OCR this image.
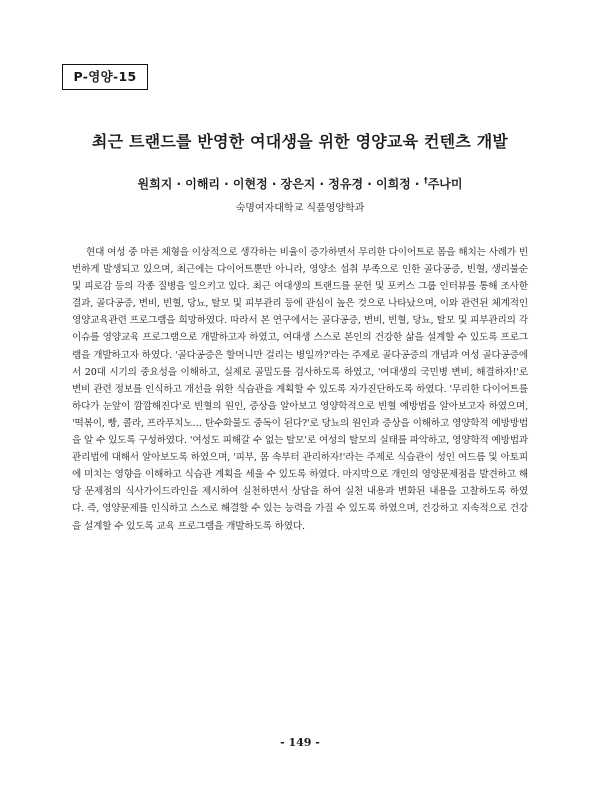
P-영양-15
최근 트랜드를 반영한 여대생을 위한 영양교육 컨텐츠 개발
원희지 · 이해리 · 이현정 · 장은지 · 정유경 · 이희정 · †주나미
숙명여자대학교 식품영양학과

현대 여성 중 마른 체형을 이상적으로 생각하는 비율이 증가하면서 무리한 다이어트로 몸을 해치는 사례가 빈번하게 발생되고 있으며, 최근에는 다이어트뿐만 아니라, 영양소 섭취 부족으로 인한 골다공증, 빈혈, 생리불순 및 피로감 등의 각종 질병을 일으키고 있다. 최근 여대생의 트랜드를 문헌 및 포커스 그룹 인터뷰를 통해 조사한 결과, 골다공증, 변비, 빈혈, 당뇨, 탈모 및 피부관리 등에 관심이 높은 것으로 나타났으며, 이와 관련된 체계적인 영양교육관련 프로그램을 희망하였다. 따라서 본 연구에서는 골다공증, 변비, 빈혈, 당뇨, 탈모 및 피부관리의 각 이슈를 영양교육 프로그램으로 개발하고자 하였고, 여대생 스스로 본인의 건강한 삶을 설계할 수 있도록 프로그램을 개발하고자 하였다. '골다공증은 할머니만 걸리는 병일까?'라는 주제로 골다공증의 개념과 여성 골다공증에서 20대 시기의 중요성을 이해하고, 실제로 골밀도를 검사하도록 하였고, '여대생의 국민병 변비, 해결하자!'로 변비 관련 정보를 인식하고 개선을 위한 식습관을 계획할 수 있도록 자가진단하도록 하였다. '무리한 다이어트를 하다가 눈앞이 깜깜해진다'로 빈혈의 원인, 증상을 알아보고 영양학적으로 빈혈 예방법을 알아보고자 하였으며, '떡볶이, 빵, 콜라, 프라푸치노… 탄수화물도 중독이 된다?'로 당뇨의 원인과 증상을 이해하고 영양학적 예방방법을 알 수 있도록 구성하였다. '여성도 피해갈 수 없는 탈모'로 여성의 탈모의 실태를 파악하고, 영양학적 예방법과 관리법에 대해서 알아보도록 하였으며, '피부, 몸 속부터 관리하자!'라는 주제로 식습관이 성인 여드름 및 아토피에 미치는 영향을 이해하고 식습관 계획을 세울 수 있도록 하였다. 마지막으로 개인의 영양문제점을 발견하고 해당 문제점의 식사가이드라인을 제시하여 실천하면서 상담을 하여 실천 내용과 변화된 내용을 고찰하도록 하였다. 즉, 영양문제를 인식하고 스스로 해결할 수 있는 능력을 가질 수 있도록 하였으며, 건강하고 지속적으로 건강을 설계할 수 있도록 교육 프로그램을 개발하도록 하였다.

- 149 -
